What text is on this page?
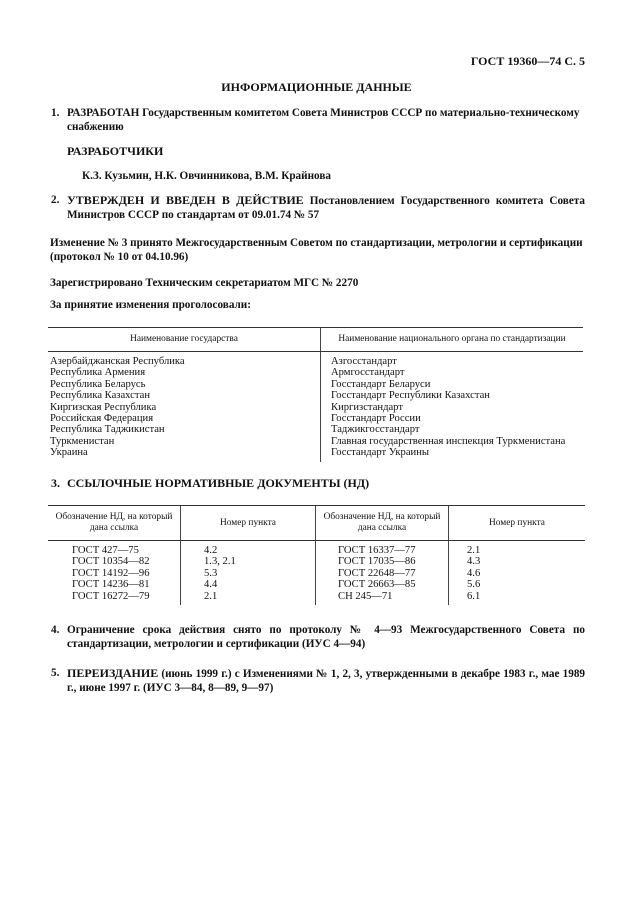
ГОСТ 19360—74 С. 5
ИНФОРМАЦИОННЫЕ ДАННЫЕ
1. РАЗРАБОТАН Государственным комитетом Совета Министров СССР по материально-техническому снабжению
РАЗРАБОТЧИКИ
К.З. Кузьмин, Н.К. Овчинникова, В.М. Крайнова
2. УТВЕРЖДЕН И ВВЕДЕН В ДЕЙСТВИЕ Постановлением Государственного комитета Совета Министров СССР по стандартам от 09.01.74 № 57
Изменение № 3 принято Межгосударственным Советом по стандартизации, метрологии и сертификации (протокол № 10 от 04.10.96)
Зарегистрировано Техническим секретариатом МГС № 2270
За принятие изменения проголосовали:
Наименование государства	Наименование национального органа по стандартизации
Азербайджанская Республика	Азгосстандарт
Республика Армения	Армгосстандарт
Республика Беларусь	Госстандарт Беларуси
Республика Казахстан	Госстандарт Республики Казахстан
Киргизская Республика	Киргизстандарт
Российская Федерация	Госстандарт России
Республика Таджикистан	Таджикгосстандарт
Туркменистан	Главная государственная инспекция Туркменистана
Украина	Госстандарт Украины
3. ССЫЛОЧНЫЕ НОРМАТИВНЫЕ ДОКУМЕНТЫ (НД)
Обозначение НД, на который дана ссылка	Номер пункта	Обозначение НД, на который дана ссылка	Номер пункта
ГОСТ 427—75	4.2	ГОСТ 16337—77	2.1
ГОСТ 10354—82	1.3, 2.1	ГОСТ 17035—86	4.3
ГОСТ 14192—96	5.3	ГОСТ 22648—77	4.6
ГОСТ 14236—81	4.4	ГОСТ 26663—85	5.6
ГОСТ 16272—79	2.1	СН 245—71	6.1
4. Ограничение срока действия снято по протоколу № 4—93 Межгосударственного Совета по стандартизации, метрологии и сертификации (ИУС 4—94)
5. ПЕРЕИЗДАНИЕ (июнь 1999 г.) с Изменениями № 1, 2, 3, утвержденными в декабре 1983 г., мае 1989 г., июне 1997 г. (ИУС 3—84, 8—89, 9—97)
